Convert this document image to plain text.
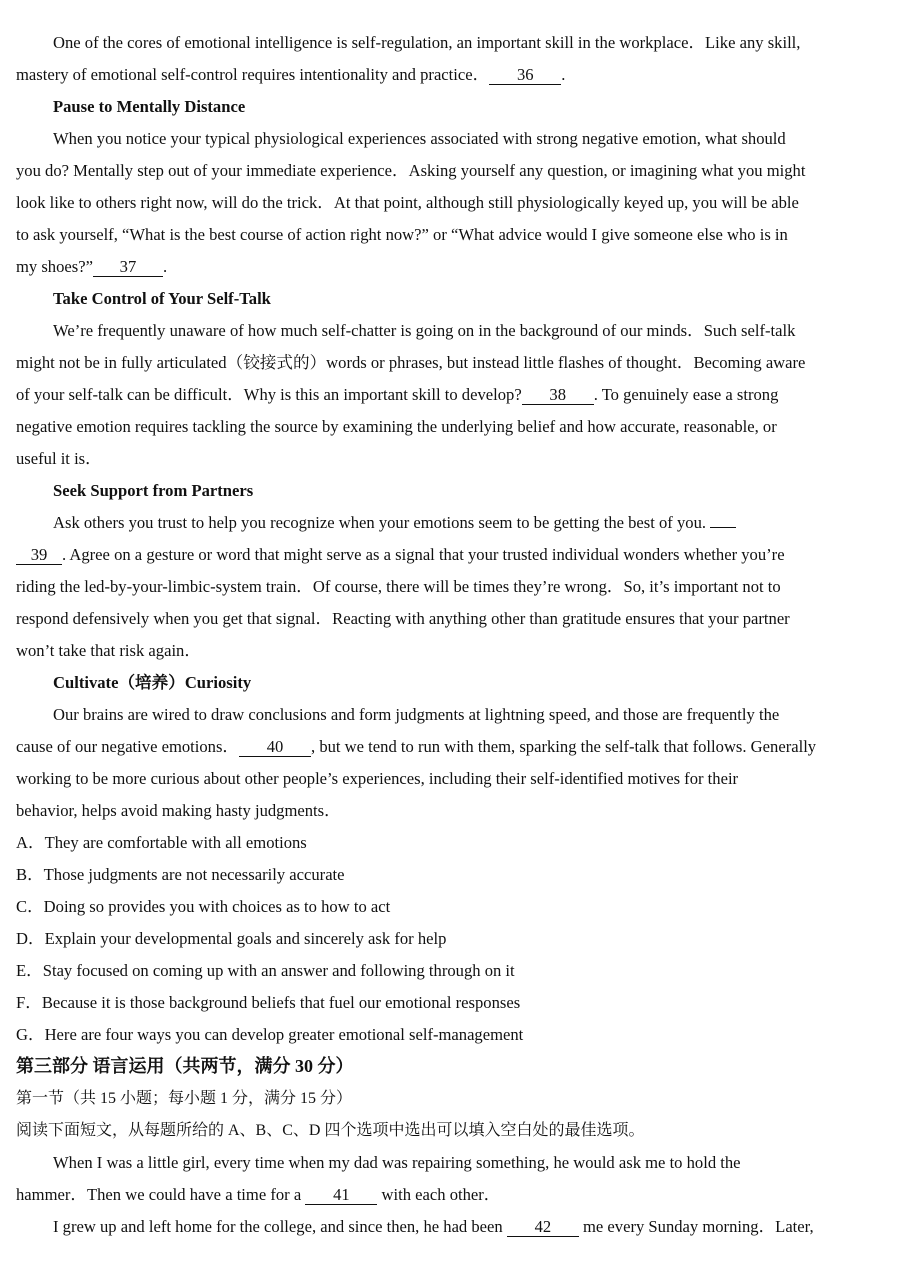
One of the cores of emotional intelligence is self-regulation, an important skill in the workplace．Like any skill,
mastery of emotional self-control requires intentionality and practice． 36 .
Pause to Mentally Distance
When you notice your typical physiological experiences associated with strong negative emotion, what should
you do? Mentally step out of your immediate experience．Asking yourself any question, or imagining what you might
look like to others right now, will do the trick．At that point, although still physiologically keyed up, you will be able
to ask yourself, “What is the best course of action right now?” or “What advice would I give someone else who is in
my shoes?” 37 .
Take Control of Your Self-Talk
We’re frequently unaware of how much self-chatter is going on in the background of our minds．Such self-talk
might not be in fully articulated（铰接式的）words or phrases, but instead little flashes of thought．Becoming aware
of your self-talk can be difficult．Why is this an important skill to develop? 38 . To genuinely ease a strong
negative emotion requires tackling the source by examining the underlying belief and how accurate, reasonable, or
useful it is．
Seek Support from Partners
Ask others you trust to help you recognize when your emotions seem to be getting the best of you.
39 . Agree on a gesture or word that might serve as a signal that your trusted individual wonders whether you’re
riding the led-by-your-limbic-system train．Of course, there will be times they’re wrong．So, it’s important not to
respond defensively when you get that signal．Reacting with anything other than gratitude ensures that your partner
won’t take that risk again．
Cultivate（培养）Curiosity
Our brains are wired to draw conclusions and form judgments at lightning speed, and those are frequently the
cause of our negative emotions． 40 , but we tend to run with them, sparking the self-talk that follows. Generally
working to be more curious about other people’s experiences, including their self-identified motives for their
behavior, helps avoid making hasty judgments．
A．They are comfortable with all emotions
B．Those judgments are not necessarily accurate
C．Doing so provides you with choices as to how to act
D．Explain your developmental goals and sincerely ask for help
E．Stay focused on coming up with an answer and following through on it
F．Because it is those background beliefs that fuel our emotional responses
G．Here are four ways you can develop greater emotional self-management
第三部分 语言运用（共两节，满分 30 分）
第一节（共 15 小题；每小题 1 分，满分 15 分）
阅读下面短文，从每题所给的 A、B、C、D 四个选项中选出可以填入空白处的最佳选项。
When I was a little girl, every time when my dad was repairing something, he would ask me to hold the
hammer．Then we could have a time for a 41 with each other．
I grew up and left home for the college, and since then, he had been 42 me every Sunday morning．Later,
